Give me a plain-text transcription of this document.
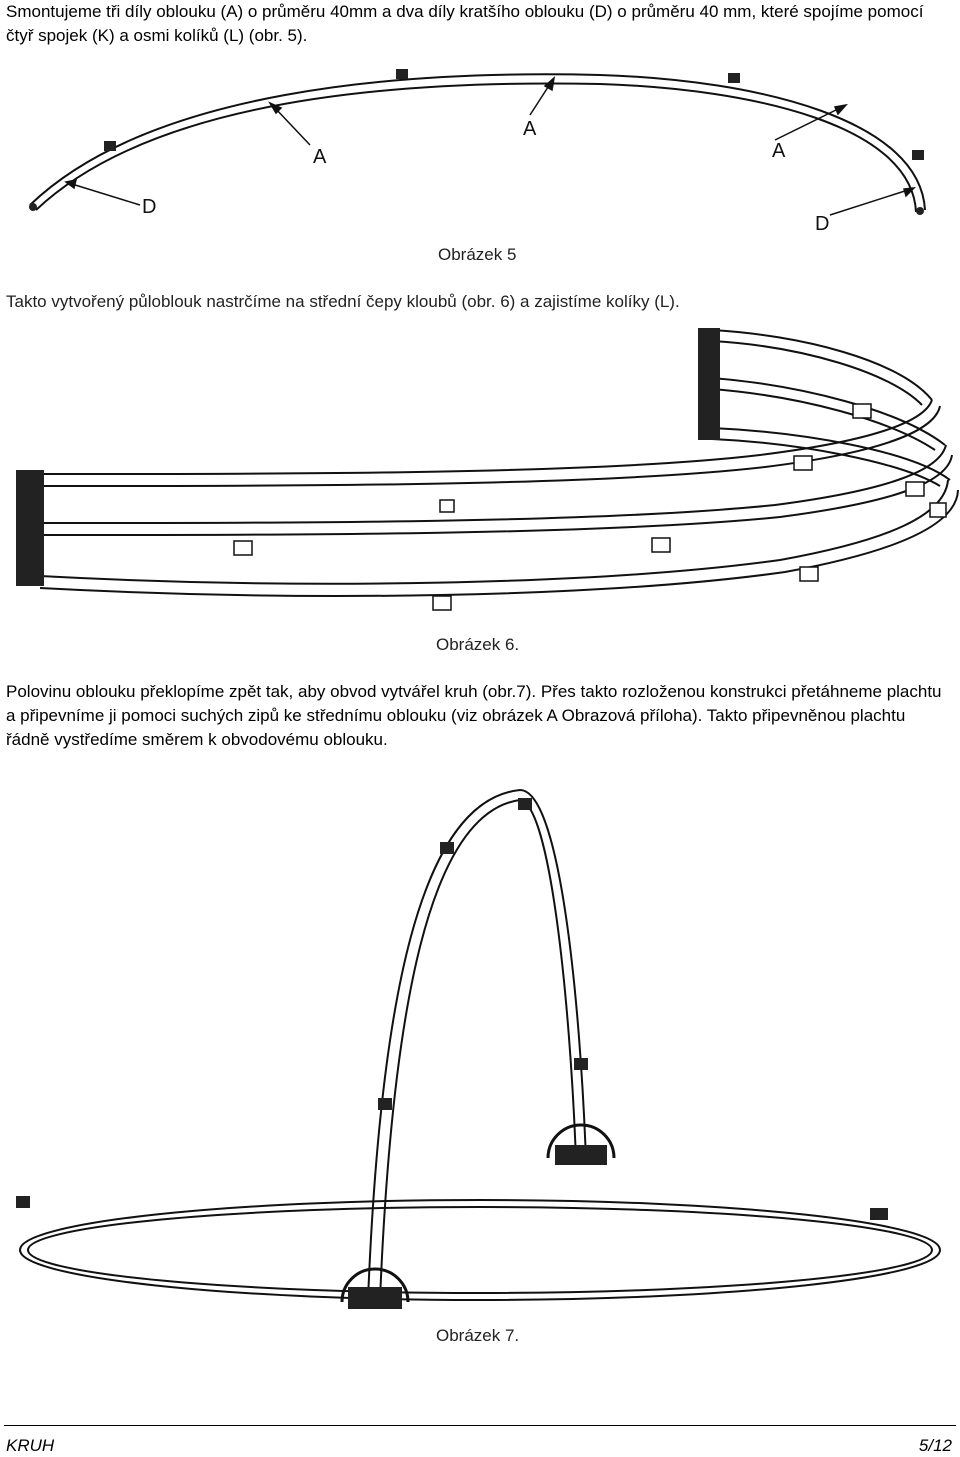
Smontujeme tři díly oblouku (A) o průměru 40mm a dva díly kratšího oblouku (D) o průměru 40 mm, které spojíme pomocí čtyř spojek (K) a osmi kolíků (L) (obr. 5).

A
A
A
D
D
Obrázek 5

Takto vytvořený půloblouk nastrčíme na střední čepy kloubů (obr. 6) a zajistíme kolíky (L).

Obrázek 6.

Polovinu oblouku překlopíme zpět tak, aby obvod vytvářel kruh (obr.7). Přes takto rozloženou konstrukci přetáhneme plachtu a připevníme ji pomoci suchých zipů ke střednímu oblouku (viz obrázek A Obrazová příloha). Takto připevněnou plachtu řádně vystředíme směrem k obvodovému oblouku.

Obrázek 7.
KRUH	5/12
